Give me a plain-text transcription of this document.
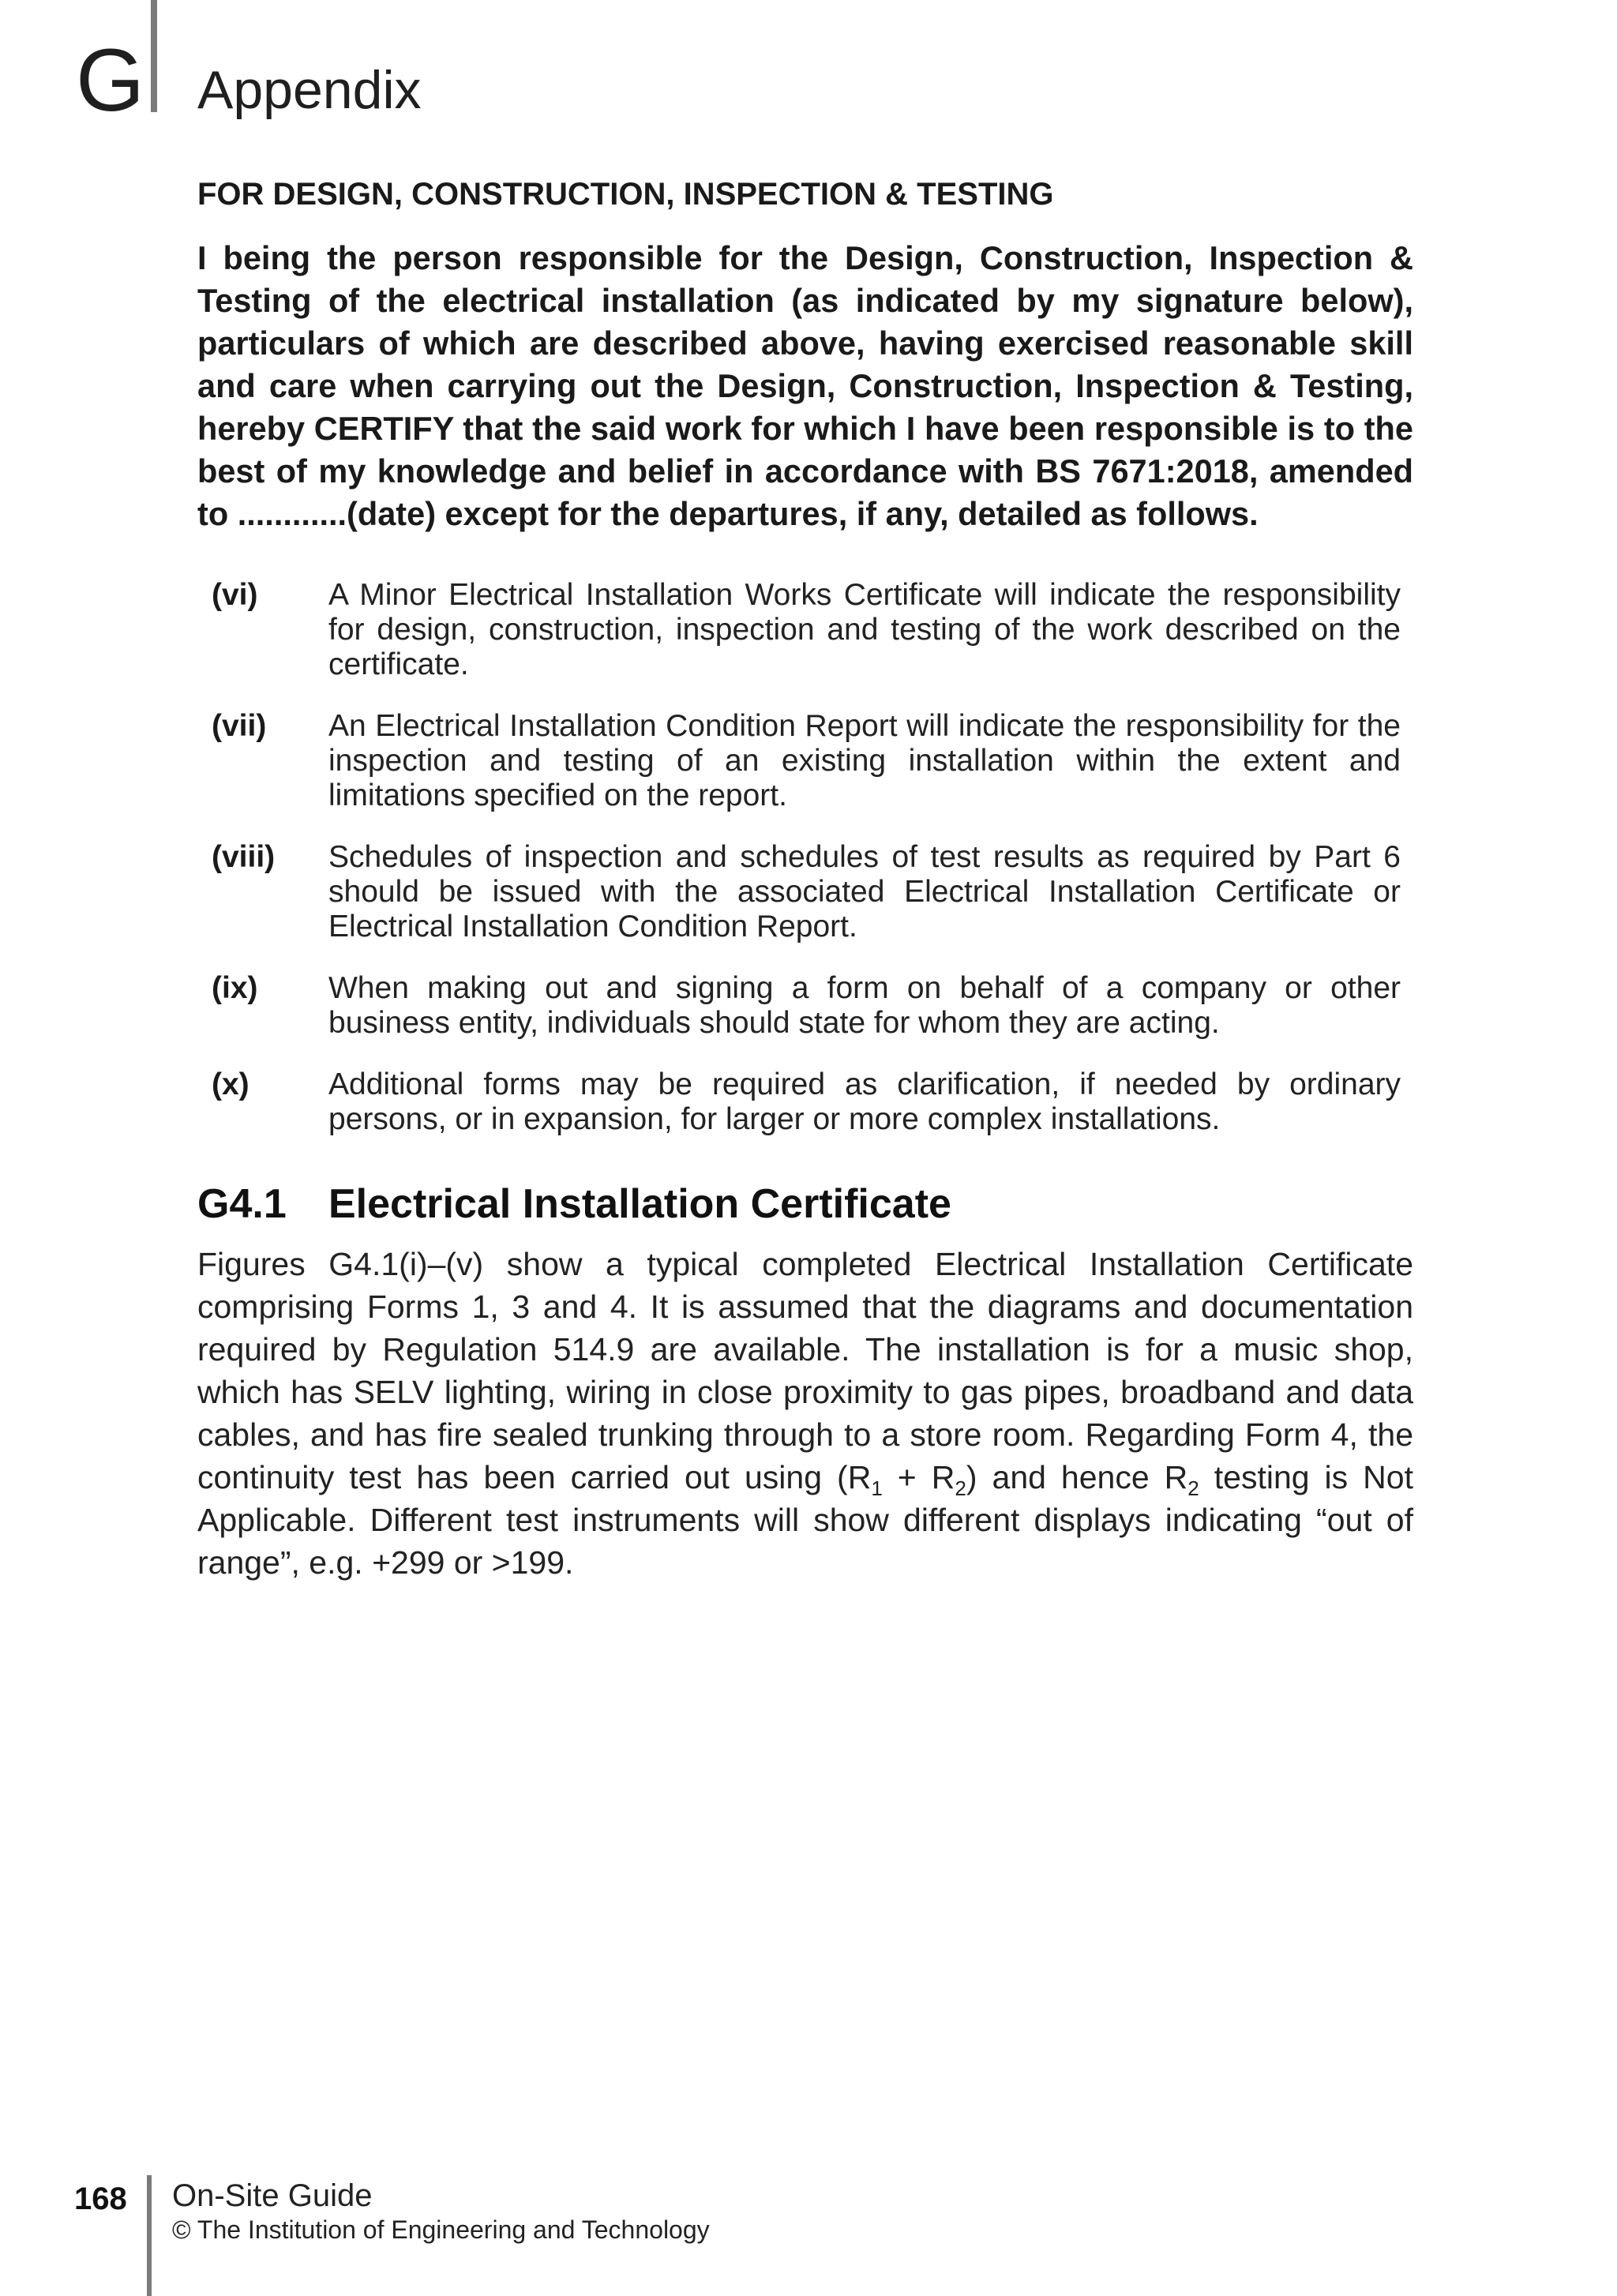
G Appendix
FOR DESIGN, CONSTRUCTION, INSPECTION & TESTING
I being the person responsible for the Design, Construction, Inspection & Testing of the electrical installation (as indicated by my signature below), particulars of which are described above, having exercised reasonable skill and care when carrying out the Design, Construction, Inspection & Testing, hereby CERTIFY that the said work for which I have been responsible is to the best of my knowledge and belief in accordance with BS 7671:2018, amended to ............(date) except for the departures, if any, detailed as follows.
(vi)	A Minor Electrical Installation Works Certificate will indicate the responsibility for design, construction, inspection and testing of the work described on the certificate.
(vii)	An Electrical Installation Condition Report will indicate the responsibility for the inspection and testing of an existing installation within the extent and limitations specified on the report.
(viii)	Schedules of inspection and schedules of test results as required by Part 6 should be issued with the associated Electrical Installation Certificate or Electrical Installation Condition Report.
(ix)	When making out and signing a form on behalf of a company or other business entity, individuals should state for whom they are acting.
(x)	Additional forms may be required as clarification, if needed by ordinary persons, or in expansion, for larger or more complex installations.
G4.1 Electrical Installation Certificate
Figures G4.1(i)–(v) show a typical completed Electrical Installation Certificate comprising Forms 1, 3 and 4. It is assumed that the diagrams and documentation required by Regulation 514.9 are available. The installation is for a music shop, which has SELV lighting, wiring in close proximity to gas pipes, broadband and data cables, and has fire sealed trunking through to a store room. Regarding Form 4, the continuity test has been carried out using $(R_1 + R_2)$ and hence $R_2$ testing is Not Applicable. Different test instruments will show different displays indicating “out of range”, e.g. +299 or >199.
168 On-Site Guide
© The Institution of Engineering and Technology
